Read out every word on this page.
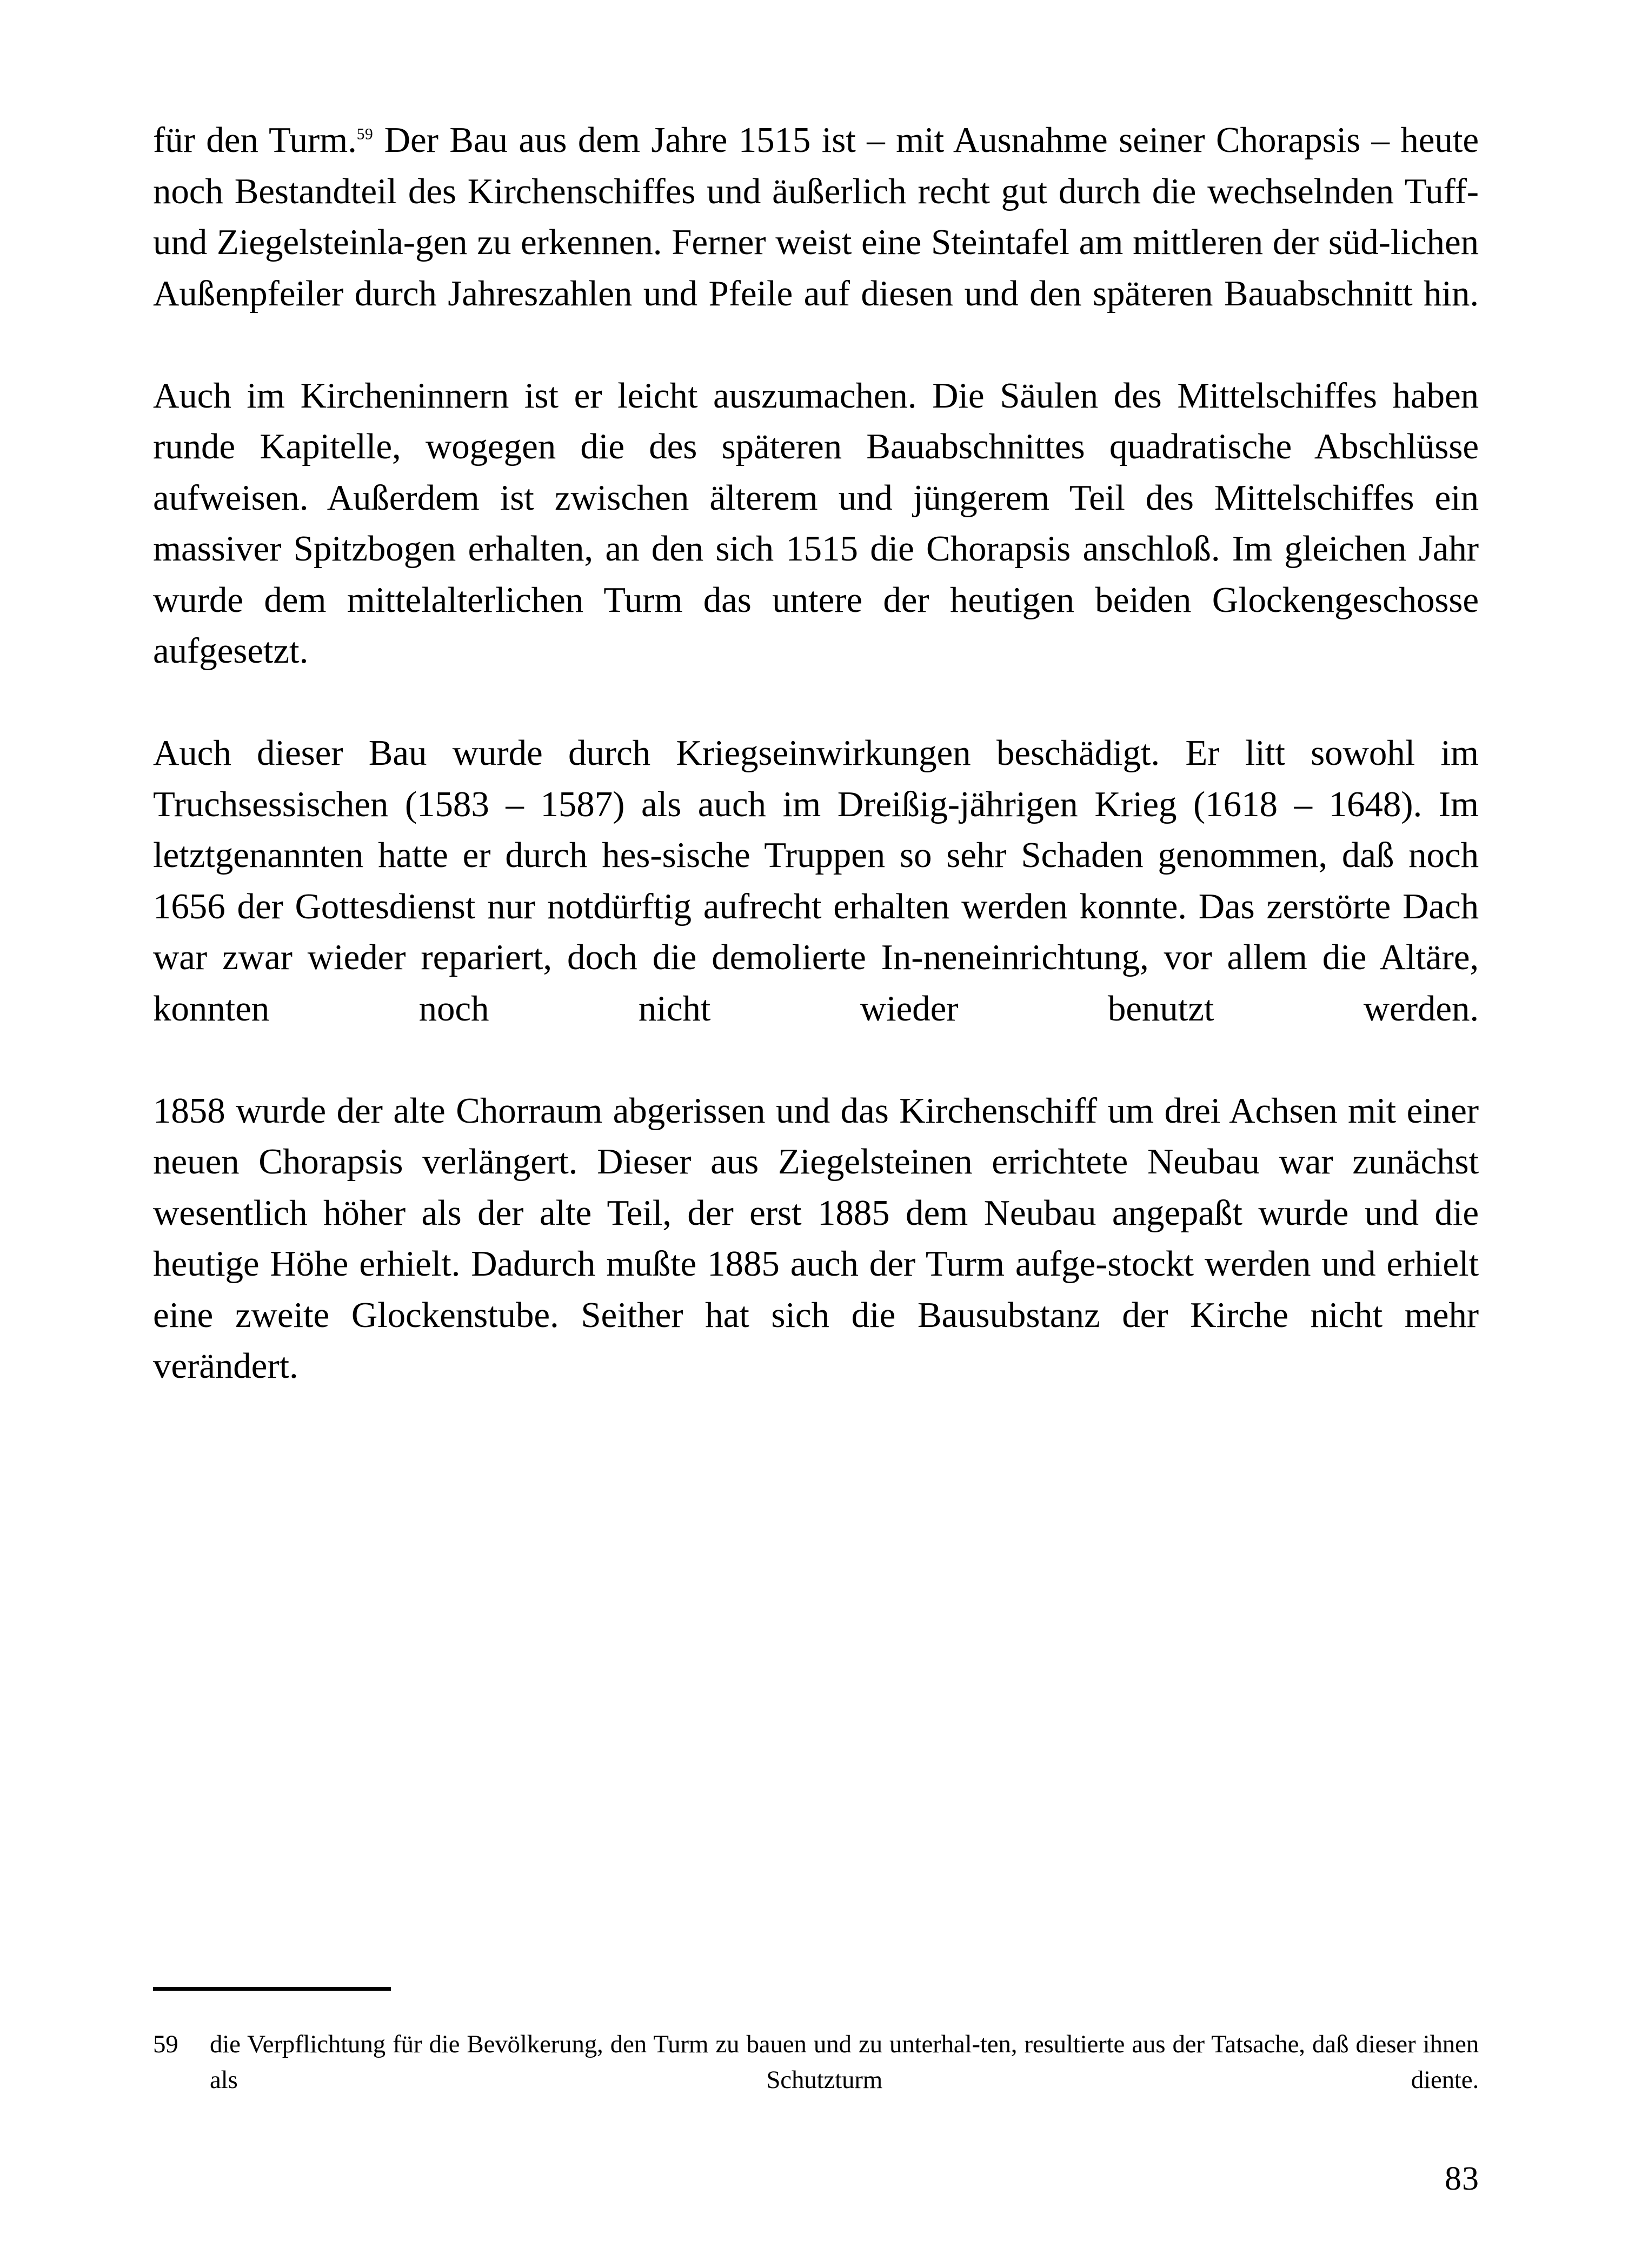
für den Turm.$^{59}$ Der Bau aus dem Jahre 1515 ist – mit Ausnahme seiner Chorapsis – heute noch Bestandteil des Kirchenschiffes und äußerlich recht gut durch die wechselnden Tuff- und Ziegelsteinla-gen zu erkennen. Ferner weist eine Steintafel am mittleren der süd-lichen Außenpfeiler durch Jahreszahlen und Pfeile auf diesen und den späteren Bauabschnitt hin.

Auch im Kircheninnern ist er leicht auszumachen. Die Säulen des Mittelschiffes haben runde Kapitelle, wogegen die des späteren Bauabschnittes quadratische Abschlüsse aufweisen. Außerdem ist zwischen älterem und jüngerem Teil des Mittelschiffes ein massiver Spitzbogen erhalten, an den sich 1515 die Chorapsis anschloß. Im gleichen Jahr wurde dem mittelalterlichen Turm das untere der heutigen beiden Glockengeschosse aufgesetzt.

Auch dieser Bau wurde durch Kriegseinwirkungen beschädigt. Er litt sowohl im Truchsessischen (1583 – 1587) als auch im Dreißig-jährigen Krieg (1618 – 1648). Im letztgenannten hatte er durch hes-sische Truppen so sehr Schaden genommen, daß noch 1656 der Gottesdienst nur notdürftig aufrecht erhalten werden konnte. Das zerstörte Dach war zwar wieder repariert, doch die demolierte In-neneinrichtung, vor allem die Altäre, konnten noch nicht wieder benutzt werden.

1858 wurde der alte Chorraum abgerissen und das Kirchenschiff um drei Achsen mit einer neuen Chorapsis verlängert. Dieser aus Ziegelsteinen errichtete Neubau war zunächst wesentlich höher als der alte Teil, der erst 1885 dem Neubau angepaßt wurde und die heutige Höhe erhielt. Dadurch mußte 1885 auch der Turm aufge-stockt werden und erhielt eine zweite Glockenstube. Seither hat sich die Bausubstanz der Kirche nicht mehr verändert.

59	die Verpflichtung für die Bevölkerung, den Turm zu bauen und zu unterhal-ten, resultierte aus der Tatsache, daß dieser ihnen als Schutzturm diente.
83
